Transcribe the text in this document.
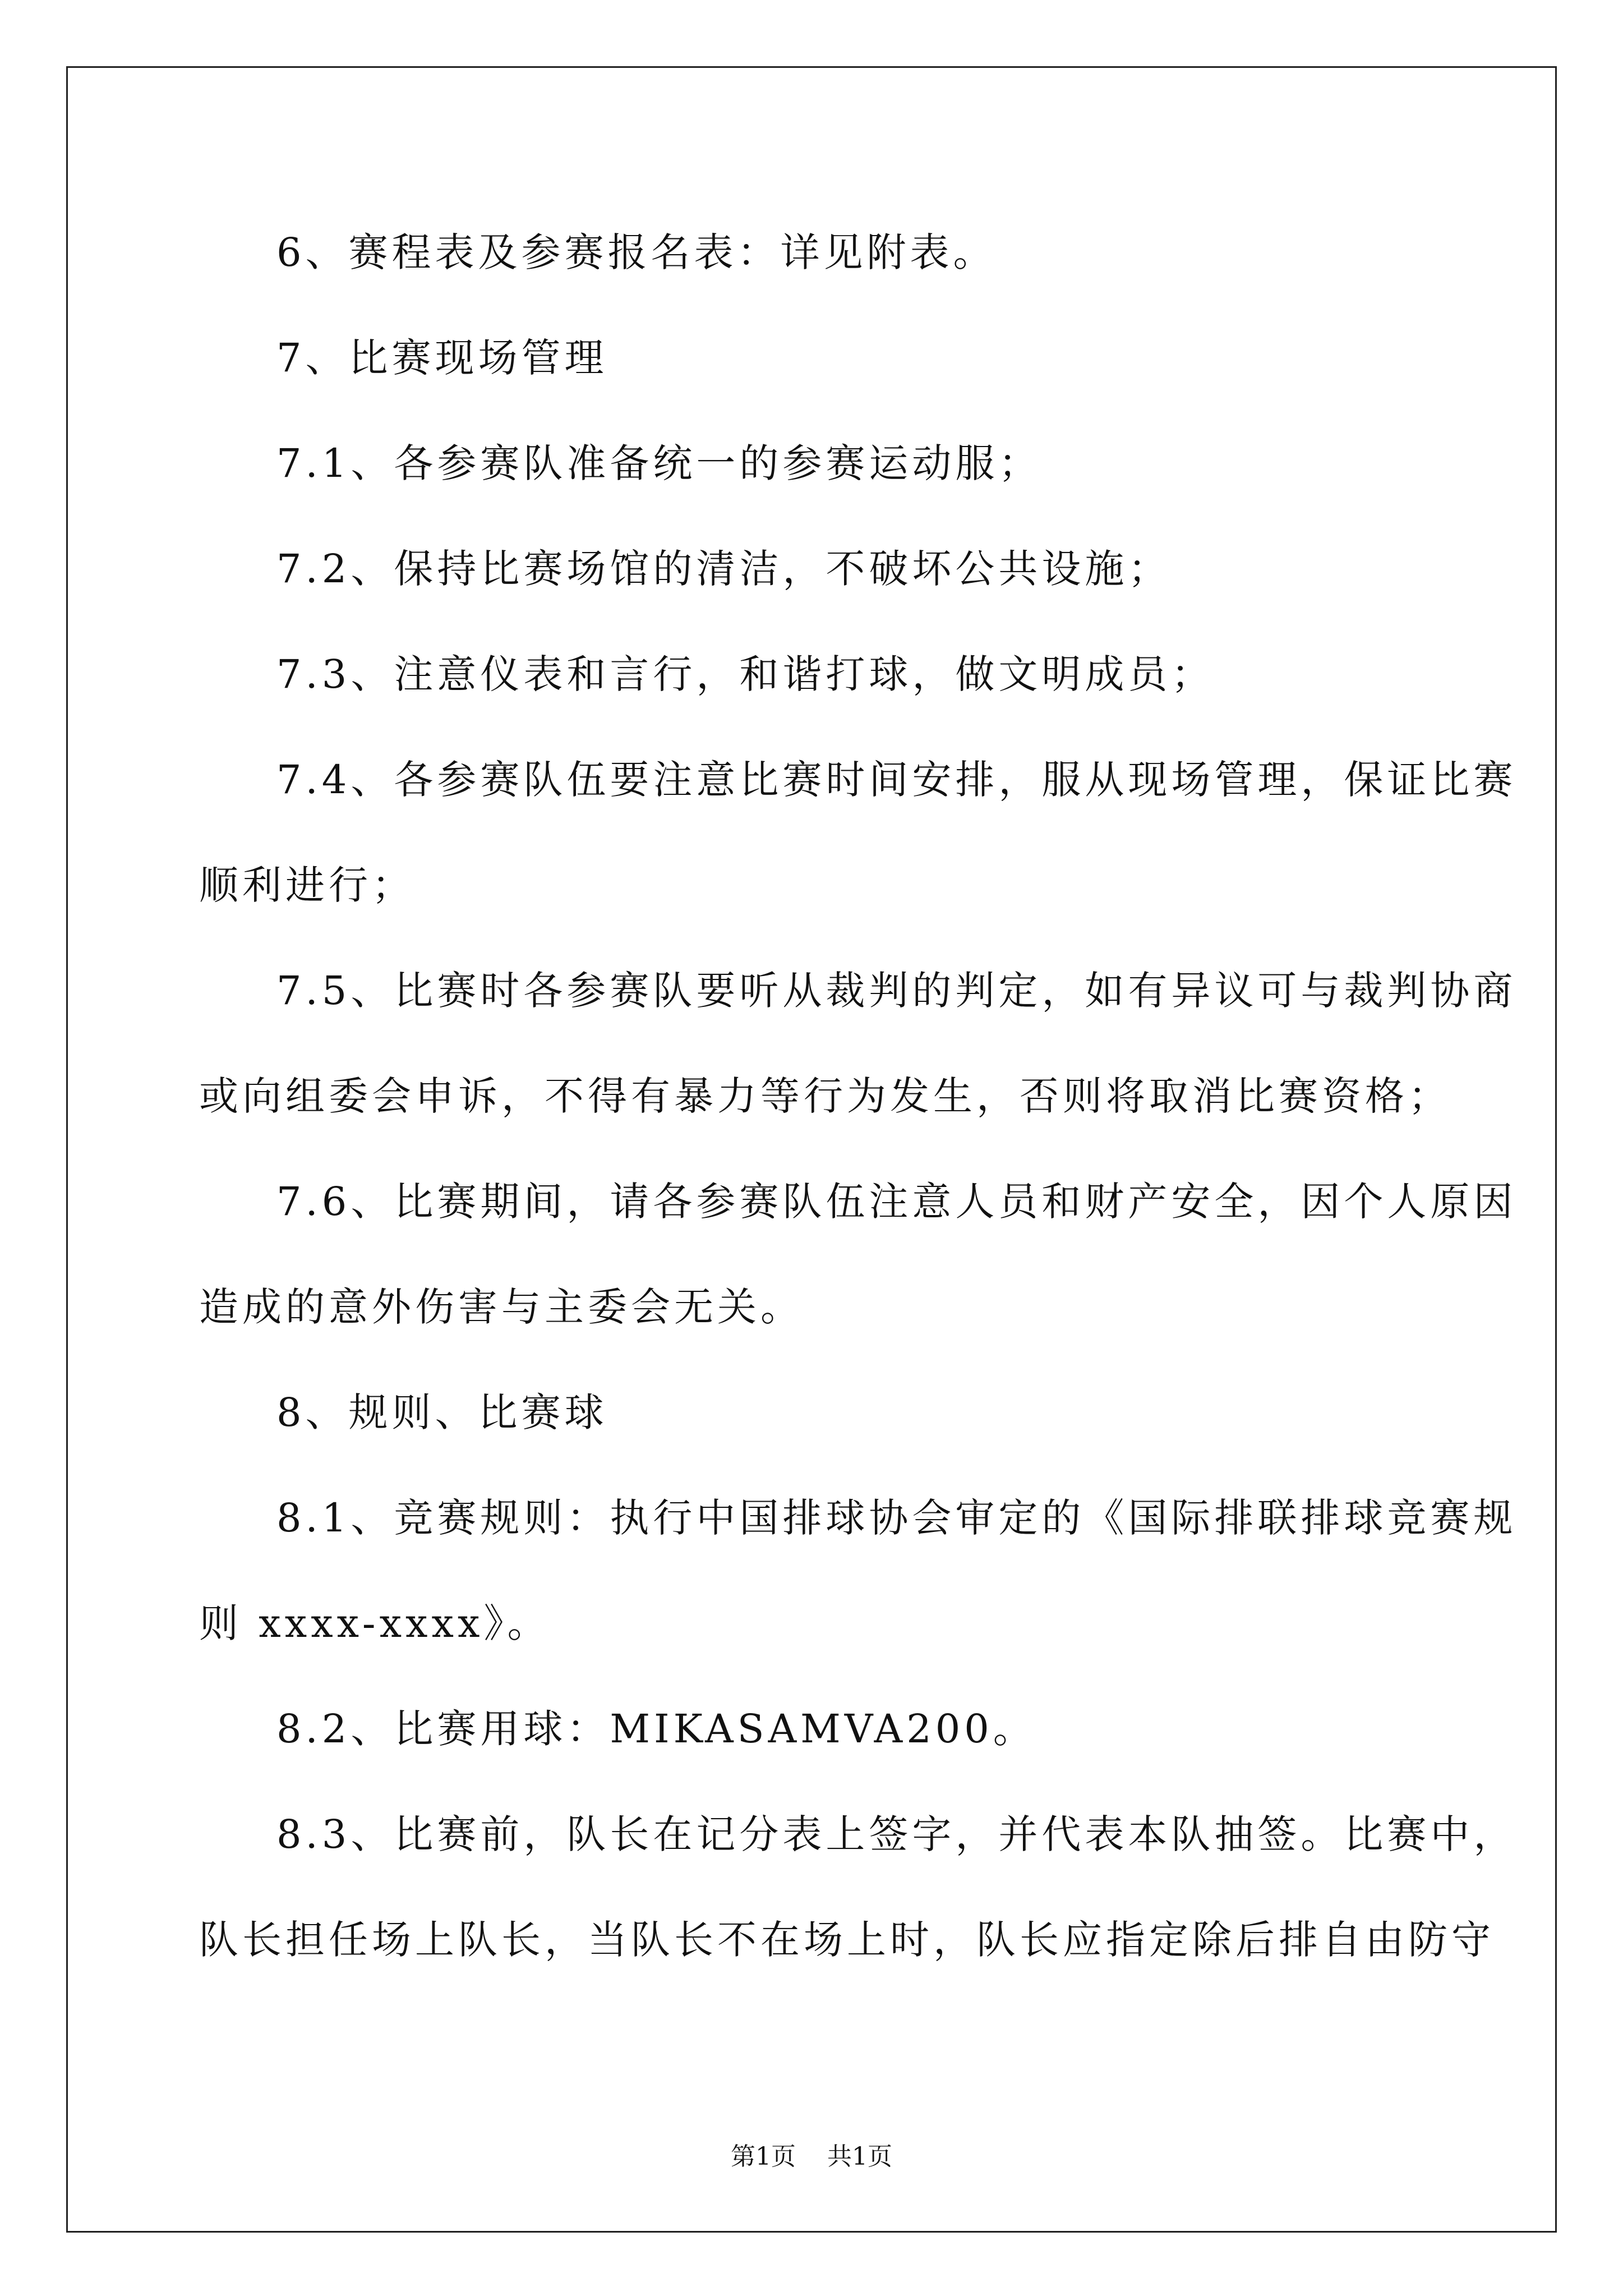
6、赛程表及参赛报名表：详见附表。
7、比赛现场管理
7.1、各参赛队准备统一的参赛运动服；
7.2、保持比赛场馆的清洁，不破坏公共设施；
7.3、注意仪表和言行，和谐打球，做文明成员；
7.4、各参赛队伍要注意比赛时间安排，服从现场管理，保证比赛
顺利进行；
7.5、比赛时各参赛队要听从裁判的判定，如有异议可与裁判协商
或向组委会申诉，不得有暴力等行为发生，否则将取消比赛资格；
7.6、比赛期间，请各参赛队伍注意人员和财产安全，因个人原因
造成的意外伤害与主委会无关。
8、规则、比赛球
8.1、竞赛规则：执行中国排球协会审定的《国际排联排球竞赛规
则 xxxx-xxxx》。
8.2、比赛用球：MIKASAMVA200。
8.3、比赛前，队长在记分表上签字，并代表本队抽签。比赛中，
队长担任场上队长，当队长不在场上时，队长应指定除后排自由防守
第1页 共1页
